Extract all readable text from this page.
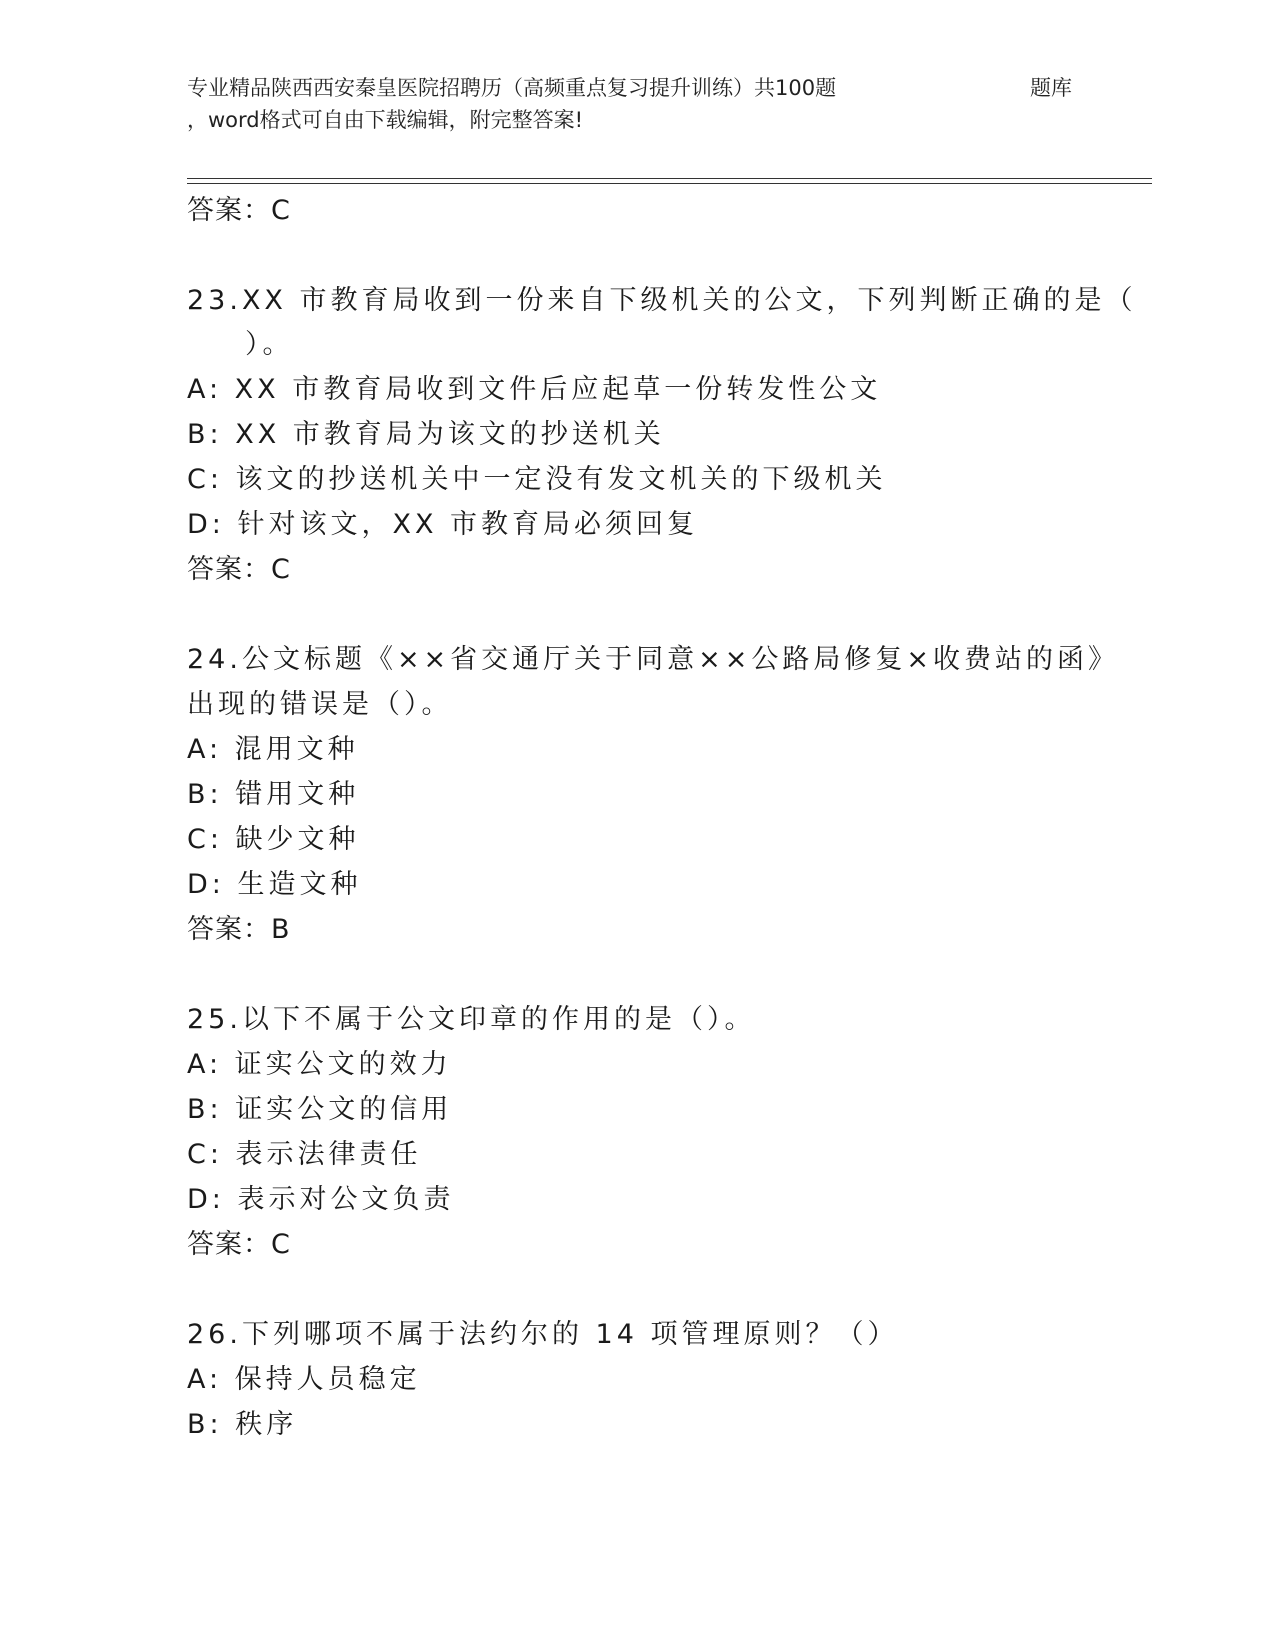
专业精品陕西西安秦皇医院招聘历（高频重点复习提升训练）共100题	题库
，word格式可自由下载编辑，附完整答案!
答案：C
23.XX 市教育局收到一份来自下级机关的公文，下列判断正确的是（
）。
A: XX 市教育局收到文件后应起草一份转发性公文
B: XX 市教育局为该文的抄送机关
C: 该文的抄送机关中一定没有发文机关的下级机关
D: 针对该文，XX 市教育局必须回复
答案：C
24.公文标题《××省交通厅关于同意××公路局修复×收费站的函》
出现的错误是（）。
A: 混用文种
B: 错用文种
C: 缺少文种
D: 生造文种
答案：B
25.以下不属于公文印章的作用的是（）。
A: 证实公文的效力
B: 证实公文的信用
C: 表示法律责任
D: 表示对公文负责
答案：C
26.下列哪项不属于法约尔的 14 项管理原则？（）
A: 保持人员稳定
B: 秩序
